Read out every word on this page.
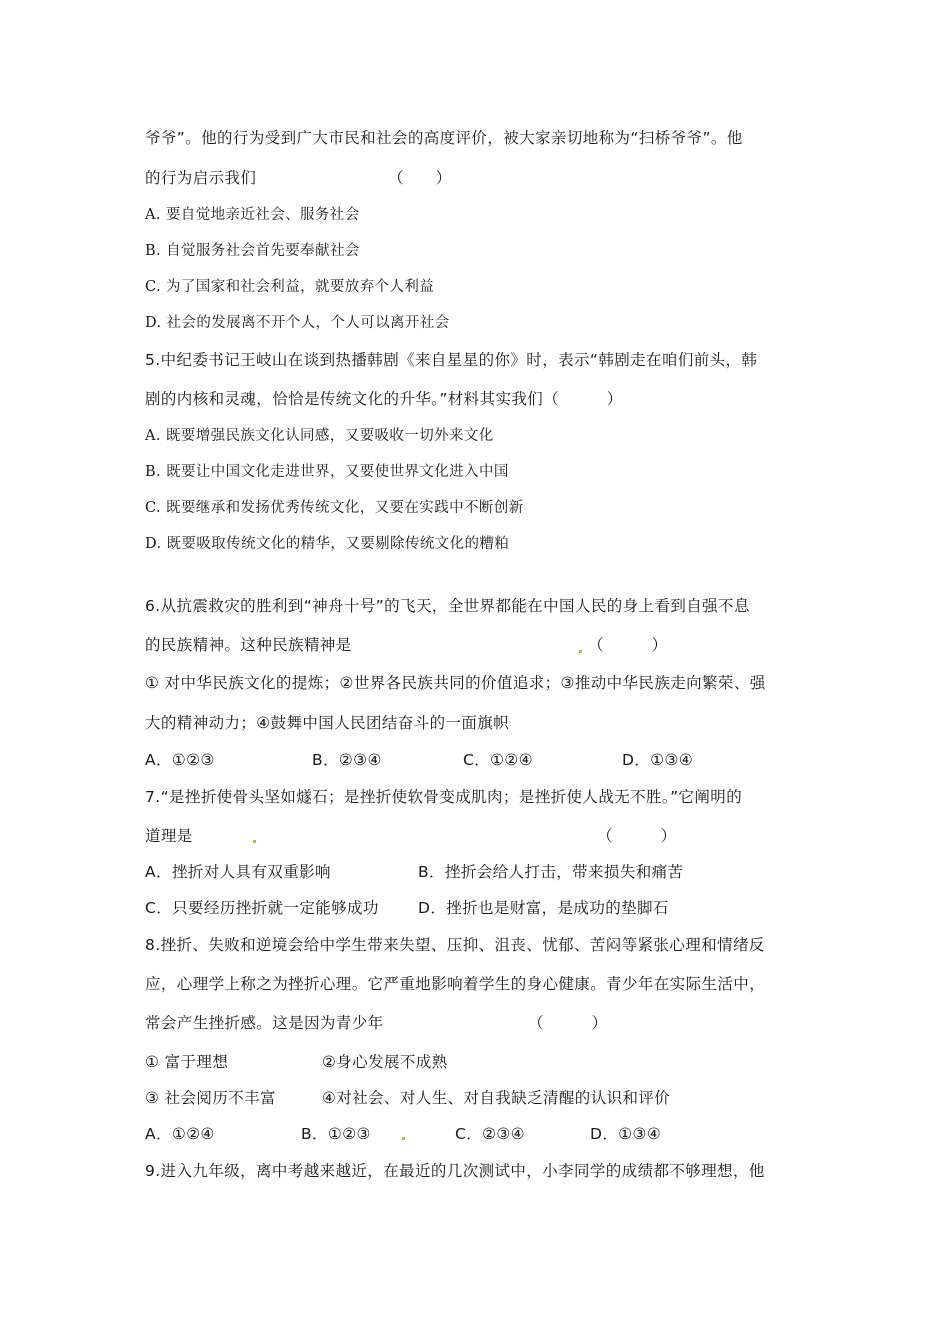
爷爷”。他的行为受到广大市民和社会的高度评价，被大家亲切地称为“扫桥爷爷”。他
的行为启示我们	（　　）
A. 要自觉地亲近社会、服务社会
B. 自觉服务社会首先要奉献社会
C. 为了国家和社会利益，就要放弃个人利益
D. 社会的发展离不开个人，个人可以离开社会
5.中纪委书记王岐山在谈到热播韩剧《来自星星的你》时，表示“韩剧走在咱们前头，韩
剧的内核和灵魂，恰恰是传统文化的升华。”材料其实我们（　　　）
A. 既要增强民族文化认同感，又要吸收一切外来文化
B. 既要让中国文化走进世界，又要使世界文化进入中国
C. 既要继承和发扬优秀传统文化，又要在实践中不断创新
D. 既要吸取传统文化的精华，又要剔除传统文化的糟粕
6.从抗震救灾的胜利到“神舟十号”的飞天，全世界都能在中国人民的身上看到自强不息
的民族精神。这种民族精神是	（　　　）
① 对中华民族文化的提炼；②世界各民族共同的价值追求；③推动中华民族走向繁荣、强
大的精神动力；④鼓舞中国人民团结奋斗的一面旗帜
A．①②③	B．②③④	C．①②④	D．①③④
7.“是挫折使骨头坚如燧石；是挫折使软骨变成肌肉；是挫折使人战无不胜。”它阐明的
道理是	（　　　）
A．挫折对人具有双重影响	B．挫折会给人打击，带来损失和痛苦
C．只要经历挫折就一定能够成功	D．挫折也是财富，是成功的垫脚石
8.挫折、失败和逆境会给中学生带来失望、压抑、沮丧、忧郁、苦闷等紧张心理和情绪反
应，心理学上称之为挫折心理。它严重地影响着学生的身心健康。青少年在实际生活中，
常会产生挫折感。这是因为青少年	（　　　）
① 富于理想	②身心发展不成熟
③ 社会阅历不丰富	④对社会、对人生、对自我缺乏清醒的认识和评价
A．①②④	B．①②③	C．②③④	D．①③④
9.进入九年级，离中考越来越近，在最近的几次测试中，小李同学的成绩都不够理想，他
